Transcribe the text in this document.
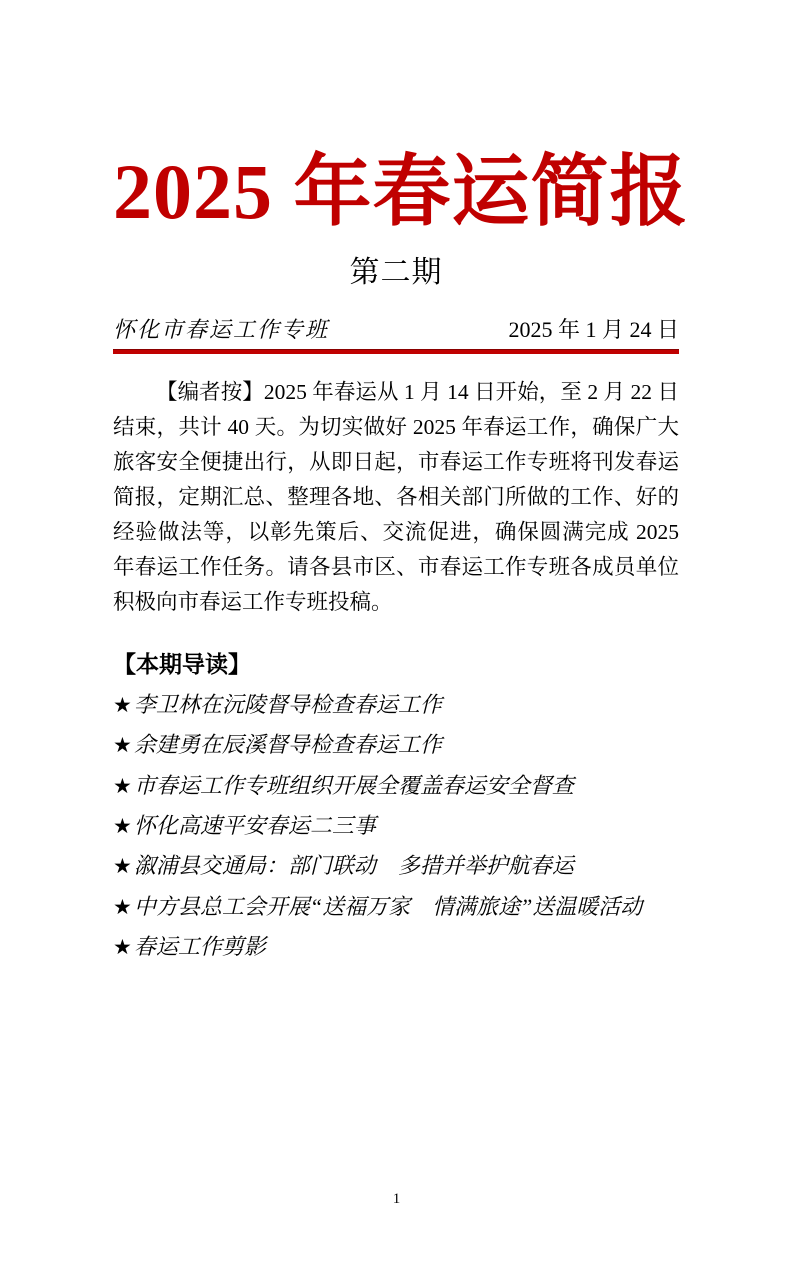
2025 年春运简报
第二期
怀化市春运工作专班	2025 年 1 月 24 日

【编者按】2025 年春运从 1 月 14 日开始，至 2 月 22 日结束，共计 40 天。为切实做好 2025 年春运工作，确保广大旅客安全便捷出行，从即日起，市春运工作专班将刊发春运简报，定期汇总、整理各地、各相关部门所做的工作、好的经验做法等，以彰先策后、交流促进，确保圆满完成 2025 年春运工作任务。请各县市区、市春运工作专班各成员单位积极向市春运工作专班投稿。

【本期导读】
★李卫林在沅陵督导检查春运工作
★余建勇在辰溪督导检查春运工作
★市春运工作专班组织开展全覆盖春运安全督查
★怀化高速平安春运二三事
★溆浦县交通局：部门联动　多措并举护航春运
★中方县总工会开展“送福万家　情满旅途”送温暖活动
★春运工作剪影
1
